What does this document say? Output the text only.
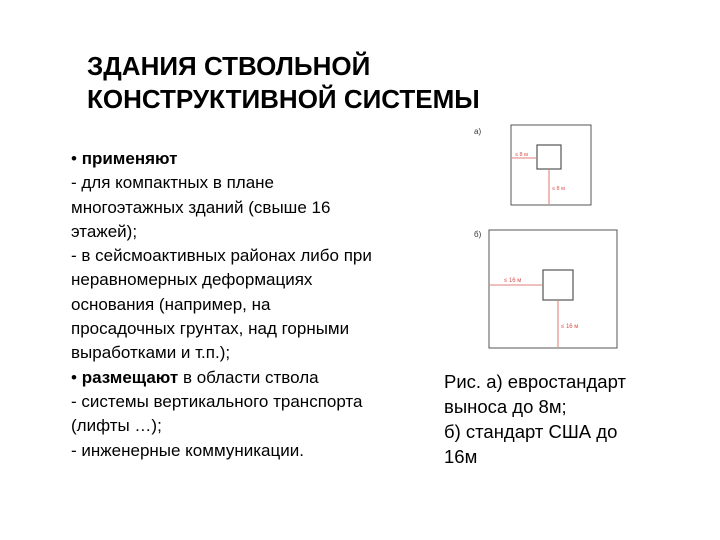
ЗДАНИЯ СТВОЛЬНОЙ
КОНСТРУКТИВНОЙ СИСТЕМЫ
• применяют
- для компактных в плане
многоэтажных зданий (свыше 16
этажей);
- в сейсмоактивных районах либо при
неравномерных деформациях
основания (например, на
просадочных грунтах, над горными
выработками и т.п.);
• размещают в области ствола
- системы вертикального транспорта
(лифты …);
- инженерные коммуникации.
а)
≤ 8 м
≤ 8 м
б)
≤ 16 м
≤ 16 м
Рис. а) евростандарт
выноса до 8м;
б) стандарт США до
16м
